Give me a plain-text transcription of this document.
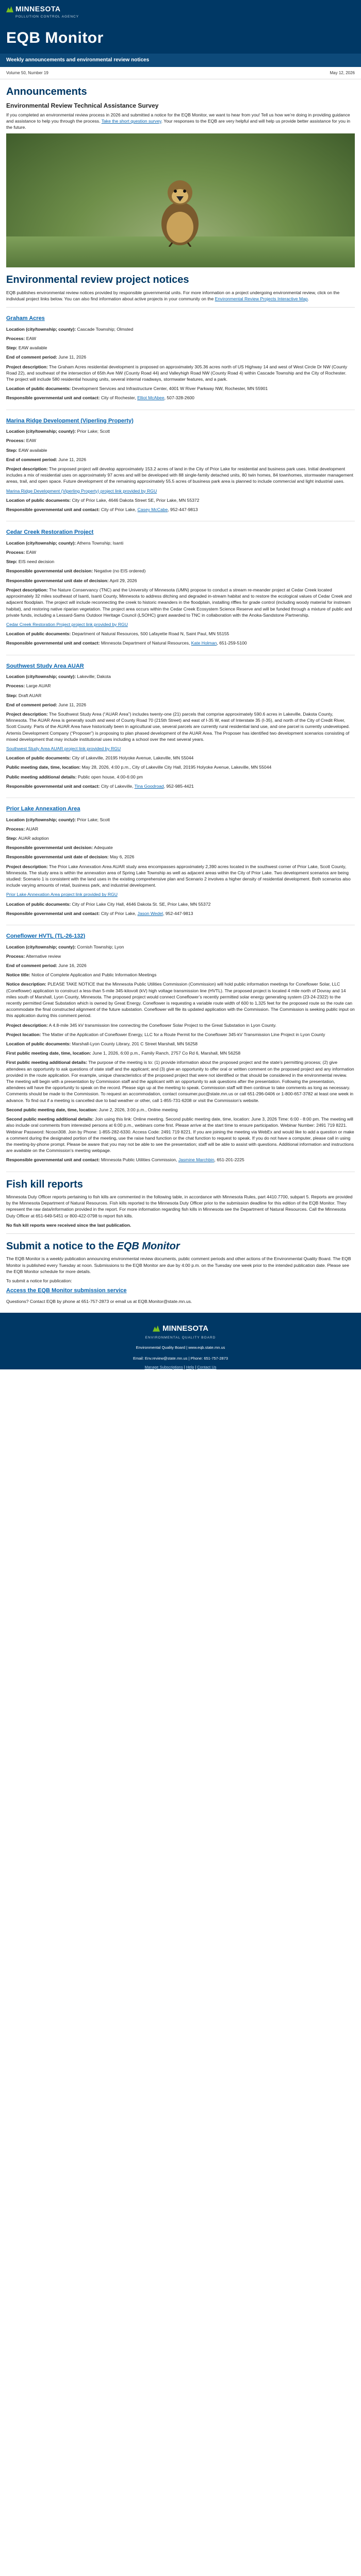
MINNESOTA
POLLUTION CONTROL AGENCY
EQB Monitor
Weekly announcements and environmental review notices
Volume 50, Number 19	May 12, 2026
Announcements
Environmental Review Technical Assistance Survey

If you completed an environmental review process in 2026 and submitted a notice for the EQB Monitor, we want to hear from you! Tell us how we’re doing in providing guidance and assistance to help you through the process. Take the short question survey. Your responses to the EQB are very helpful and will help us provide better assistance for you in the future.

Environmental review project notices

EQB publishes environmental review notices provided by responsible governmental units. For more information on a project undergoing environmental review, click on the individual project links below. You can also find information about active projects in your community on the Environmental Review Projects Interactive Map.

Graham Acres

Location (city/township; county): Cascade Township; Olmsted

Process: EAW

Step: EAW available

End of comment period: June 11, 2026

Project description: The Graham Acres residential development is proposed on approximately 305.36 acres north of US Highway 14 and west of West Circle Dr NW (County Road 22), and southeast of the intersection of 65th Ave NW (County Road 44) and Valleyhigh Road NW (County Road 4) within Cascade Township and the City of Rochester. The project will include 580 residential housing units, several internal roadways, stormwater features, and a park.

Location of public documents: Development Services and Infrastructure Center, 4001 W River Parkway NW, Rochester, MN 55901

Responsible governmental unit and contact: City of Rochester, Elliot McAbee, 507-328-2600

Marina Ridge Development (Viperling Property)

Location (city/township; county): Prior Lake; Scott

Process: EAW

Step: EAW available

End of comment period: June 11, 2026

Project description: The proposed project will develop approximately 153.2 acres of land in the City of Prior Lake for residential and business park uses. Initial development includes a mix of residential uses on approximately 97 acres and will be developed with 88 single-family detached units, 80 twin homes, 84 townhomes, stormwater management areas, trail, and open space. Future development of the remaining approximately 55.5 acres of business park area is planned to include commercial and light industrial uses.

Marina Ridge Development (Viperling Property) project link provided by RGU

Location of public documents: City of Prior Lake, 4646 Dakota Street SE, Prior Lake, MN 55372

Responsible governmental unit and contact: City of Prior Lake, Casey McCabe, 952-447-9813

Cedar Creek Restoration Project

Location (city/township; county): Athens Township; Isanti

Process: EAW

Step: EIS need decision

Responsible governmental unit decision: Negative (no EIS ordered)

Responsible governmental unit date of decision: April 29, 2026

Project description: The Nature Conservancy (TNC) and the University of Minnesota (UMN) propose to conduct a stream re-meander project at Cedar Creek located approximately 32 miles southeast of Isanti, Isanti County, Minnesota to address ditching and degraded in-stream habitat and to restore the ecological values of Cedar Creek and adjacent floodplain. The project will include reconnecting the creek to historic meanders in the floodplain, installing riffles for grade control (including woody material for instream habitat), and restoring native riparian vegetation. The project area occurs within the Cedar Creek Ecosystem Science Reserve and will be funded through a mixture of public and private funds, including a Lessard-Sams Outdoor Heritage Council (LSOHC) grant awarded to TNC in collaboration with the Anoka-Sandstone Partnership.

Cedar Creek Restoration Project project link provided by RGU

Location of public documents: Department of Natural Resources, 500 Lafayette Road N, Saint Paul, MN 55155

Responsible governmental unit and contact: Minnesota Department of Natural Resources, Kate Holman, 651-259-5100

Southwest Study Area AUAR

Location (city/township; county): Lakeville; Dakota

Process: Large AUAR

Step: Draft AUAR

End of comment period: June 11, 2026

Project description: The Southwest Study Area (“AUAR Area”) includes twenty-one (21) parcels that comprise approximately 590.6 acres in Lakeville, Dakota County, Minnesota. The AUAR Area is generally south and west of County Road 70 (215th Street) and east of I-35 W, east of Interstate 35 (I-35), and north of the City of Credit River, Scott County. Parts of the AUAR Area have historically been in agricultural use, several parcels are currently rural residential land use, and one parcel is currently undeveloped. Artemis Development Company (“Proposer”) is proposing to plan phased development of the AUAR Area. The Proposer has identified two development scenarios consisting of mixed development that may include institutional uses including a school over the next several years.

Southwest Study Area AUAR project link provided by RGU

Location of public documents: City of Lakeville, 20195 Holyoke Avenue, Lakeville, MN 55044

Public meeting date, time, location: May 28, 2026, 4:00 p.m., City of Lakeville City Hall, 20195 Holyoke Avenue, Lakeville, MN 55044

Public meeting additional details: Public open house, 4:00-6:00 pm

Responsible governmental unit and contact: City of Lakeville, Tina Goodroad, 952-985-4421

Prior Lake Annexation Area

Location (city/township; county): Prior Lake; Scott

Process: AUAR

Step: AUAR adoption

Responsible governmental unit decision: Adequate

Responsible governmental unit date of decision: May 6, 2026

Project description: The Prior Lake Annexation Area AUAR study area encompasses approximately 2,390 acres located in the southwest corner of Prior Lake, Scott County, Minnesota. The study area is within the annexation area of Spring Lake Township as well as adjacent areas within the City of Prior Lake. Two development scenarios are being studied: Scenario 1 is consistent with the land uses in the existing comprehensive plan and Scenario 2 involves a higher density of residential development. Both scenarios also include varying amounts of retail, business park, and industrial development.

Prior Lake Annexation Area project link provided by RGU

Location of public documents: City of Prior Lake City Hall, 4646 Dakota St. SE, Prior Lake, MN 55372

Responsible governmental unit and contact: City of Prior Lake, Jason Wedel, 952-447-9813

Coneflower HVTL (TL-26-132)

Location (city/township; county): Cornish Township; Lyon

Process: Alternative review

End of comment period: June 16, 2026

Notice title: Notice of Complete Application and Public Information Meetings

Notice description: PLEASE TAKE NOTICE that the Minnesota Public Utilities Commission (Commission) will hold public information meetings for Coneflower Solar, LLC (Coneflower) application to construct a less-than 5-mile 345-kilovolt (kV) high voltage transmission line (HVTL). The proposed project is located 4 mile north of Dovray and 14 miles south of Marshall, Lyon County, Minnesota. The proposed project would connect Coneflower’s recently permitted solar energy generating system (23-24-2322) to the recently permitted Great Substation which is owned by Great Energy. Coneflower is requesting a variable route width of 600 to 1,325 feet for the proposed route so the route can accommodate the final constructed alignment of the future substation. Coneflower will file its updated application with the Commission. The Commission is seeking public input on this application during this comment period.

Project description: A 4.8-mile 345 kV transmission line connecting the Coneflower Solar Project to the Great Substation in Lyon County.

Project location: The Matter of the Application of Coneflower Energy, LLC for a Route Permit for the Coneflower 345-kV Transmission Line Project in Lyon County

Location of public documents: Marshall-Lyon County Library, 201 C Street Marshall, MN 56258

First public meeting date, time, location: June 1, 2026, 6:00 p.m., Family Ranch, 2757 Co Rd 6, Marshall, MN 56258

First public meeting additional details: The purpose of the meeting is to: (1) provide information about the proposed project and the state’s permitting process; (2) give attendees an opportunity to ask questions of state staff and the applicant; and (3) give an opportunity to offer oral or written comment on the proposed project and any information provided in the route application. For example, unique characteristics of the proposed project that were not identified or that should be considered in the environmental review. The meeting will begin with a presentation by Commission staff and the applicant with an opportunity to ask questions after the presentation. Following the presentation, attendees will have the opportunity to speak on the record. Please sign up at the meeting to speak. Commission staff will then continue to take comments as long as necessary. Comments should be made to the Commission. To request an accommodation, contact consumer.puc@state.mn.us or call 651-296-0406 or 1-800-657-3782 at least one week in advance. To find out if a meeting is cancelled due to bad weather or other, call 1-855-731-6208 or visit the Commission’s website.

Second public meeting date, time, location: June 2, 2026, 3:00 p.m., Online meeting

Second public meeting additional details: Join using this link: Online meeting. Second public meeting date, time, location: June 3, 2026 Time: 6:00 - 8:00 pm. The meeting will also include oral comments from interested persons at 6:00 p.m., webinars come first. Please arrive at the start time to ensure participation. Webinar Number: 2491 719 8221. Webinar Password: Ncosn308. Join by Phone: 1-855-282-6330. Access Code: 2491 719 8221. If you are joining the meeting via WebEx and would like to add a question or make a comment during the designated portion of the meeting, use the raise hand function or the chat function to request to speak. If you do not have a computer, please call in using the meeting-by-phone prompt. Please be aware that you may not be able to see the presentation; staff will be able to assist with questions. Additional information and instructions are available on the Commission’s meeting webpage.

Responsible governmental unit and contact: Minnesota Public Utilities Commission, Jasmine Marchbin, 651-201-2225

Fish kill reports

Minnesota Duty Officer reports pertaining to fish kills are commented in the following table, in accordance with Minnesota Rules, part 4410.7700, subpart 5. Reports are provided by the Minnesota Department of Natural Resources. Fish kills reported to the Minnesota Duty Officer prior to the submission deadline for this edition of the EQB Monitor. They represent the raw data/information provided in the report. For more information regarding fish kills in Minnesota see the Department of Natural Resources. Call the Minnesota Duty Officer at 651-649-5451 or 800-422-0798 to report fish kills.

No fish kill reports were received since the last publication.

Submit a notice to the EQB Monitor

The EQB Monitor is a weekly publication announcing environmental review documents, public comment periods and other actions of the Environmental Quality Board. The EQB Monitor is published every Tuesday at noon. Submissions to the EQB Monitor are due by 4:00 p.m. on the Tuesday one week prior to the intended publication date. Please see the EQB Monitor schedule for more details.

To submit a notice for publication:

Access the EQB Monitor submission service

Questions? Contact EQB by phone at 651-757-2873 or email us at EQB.Monitor@state.mn.us.

MINNESOTA
ENVIRONMENTAL QUALITY BOARD
Environmental Quality Board | www.eqb.state.mn.us
Email: Env.review@state.mn.us | Phone: 651-757-2873
Manage Subscriptions | Help | Contact Us
